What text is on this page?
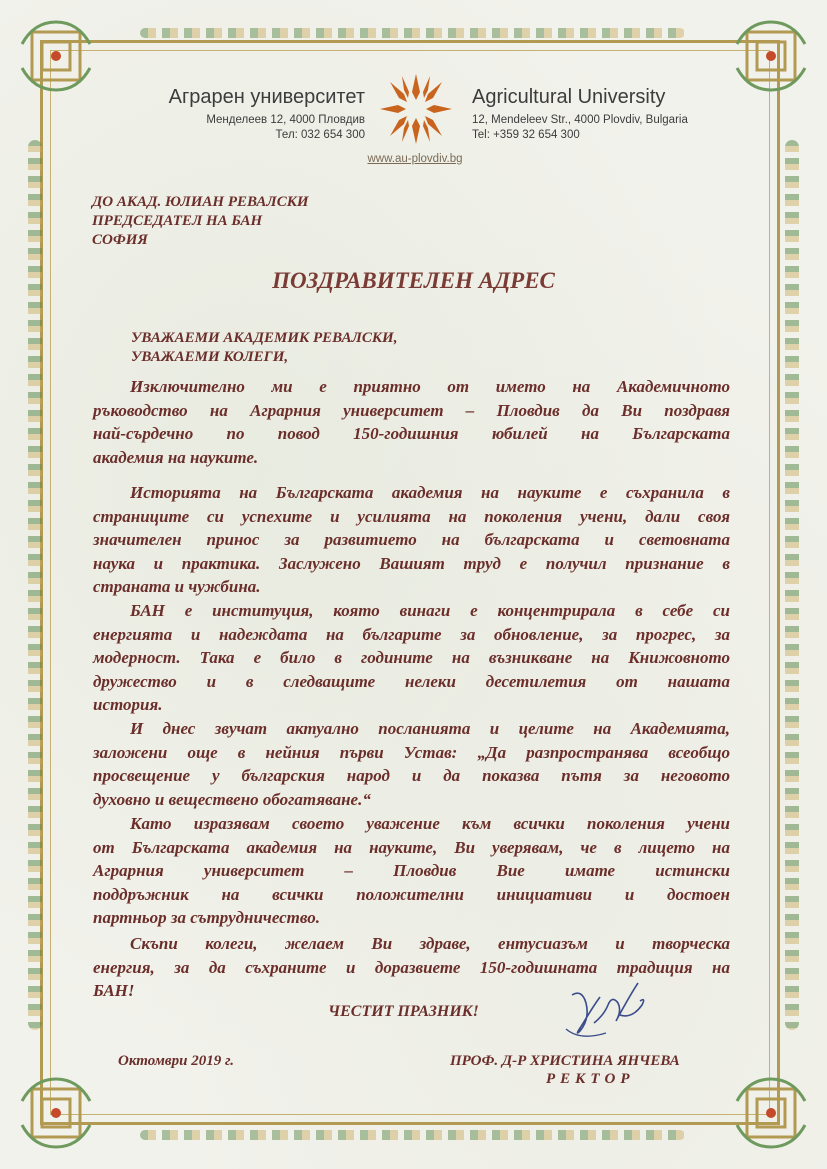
Аграрен университет
Менделеев 12, 4000 Пловдив
Тел: 032 654 300
Agricultural University
12, Mendeleev Str., 4000 Plovdiv, Bulgaria
Tel: +359 32 654 300
www.au-plovdiv.bg
ДО АКАД. ЮЛИАН РЕВАЛСКИ
ПРЕДСЕДАТЕЛ НА БАН
СОФИЯ
ПОЗДРАВИТЕЛЕН АДРЕС
УВАЖАЕМИ АКАДЕМИК РЕВАЛСКИ,
УВАЖАЕМИ КОЛЕГИ,
Изключително ми е приятно от името на Академичното
ръководство на Аграрния университет – Пловдив да Ви поздравя
най-сърдечно по повод 150-годишния юбилей на Българската
академия на науките.
Историята на Българската академия на науките е съхранила в
страниците си успехите и усилията на поколения учени, дали своя
значителен принос за развитието на българската и световната
наука и практика. Заслужено Вашият труд е получил признание в
страната и чужбина.
БАН е институция, която винаги е концентрирала в себе си
енергията и надеждата на българите за обновление, за прогрес, за
модерност. Така е било в годините на възникване на Книжовното
дружество и в следващите нелеки десетилетия от нашата
история.
И днес звучат актуално посланията и целите на Академията,
заложени още в нейния първи Устав: „Да разпространява всеобщо
просвещение у българския народ и да показва пътя за неговото
духовно и веществено обогатяване.“
Като изразявам своето уважение към всички поколения учени
от Българската академия на науките, Ви уверявам, че в лицето на
Аграрния университет – Пловдив Вие имате истински
поддръжник на всички положителни инициативи и достоен
партньор за сътрудничество.
Скъпи колеги, желаем Ви здраве, ентусиазъм и творческа
енергия, за да съхраните и доразвиете 150-годишната традиция на
БАН!
ЧЕСТИТ ПРАЗНИК!
Октомври 2019 г.	ПРОФ. Д-Р ХРИСТИНА ЯНЧЕВА
РЕКТОР
